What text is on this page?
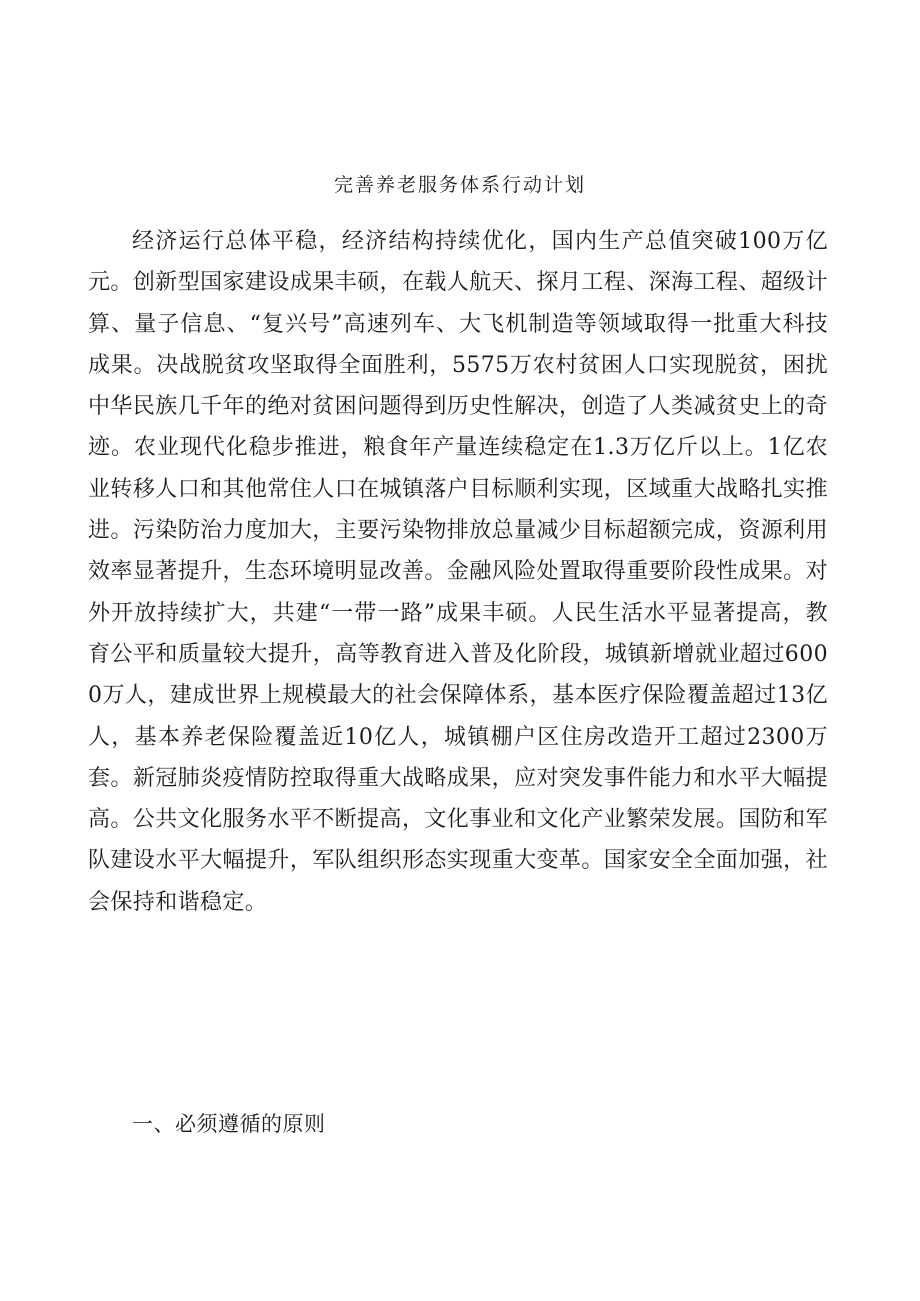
完善养老服务体系行动计划

经济运行总体平稳，经济结构持续优化，国内生产总值突破100万亿元。创新型国家建设成果丰硕，在载人航天、探月工程、深海工程、超级计算、量子信息、“复兴号”高速列车、大飞机制造等领域取得一批重大科技成果。决战脱贫攻坚取得全面胜利，5575万农村贫困人口实现脱贫，困扰中华民族几千年的绝对贫困问题得到历史性解决，创造了人类减贫史上的奇迹。农业现代化稳步推进，粮食年产量连续稳定在1.3万亿斤以上。1亿农业转移人口和其他常住人口在城镇落户目标顺利实现，区域重大战略扎实推进。污染防治力度加大，主要污染物排放总量减少目标超额完成，资源利用效率显著提升，生态环境明显改善。金融风险处置取得重要阶段性成果。对外开放持续扩大，共建“一带一路”成果丰硕。人民生活水平显著提高，教育公平和质量较大提升，高等教育进入普及化阶段，城镇新增就业超过6000万人，建成世界上规模最大的社会保障体系，基本医疗保险覆盖超过13亿人，基本养老保险覆盖近10亿人，城镇棚户区住房改造开工超过2300万套。新冠肺炎疫情防控取得重大战略成果，应对突发事件能力和水平大幅提高。公共文化服务水平不断提高，文化事业和文化产业繁荣发展。国防和军队建设水平大幅提升，军队组织形态实现重大变革。国家安全全面加强，社会保持和谐稳定。

一、必须遵循的原则
